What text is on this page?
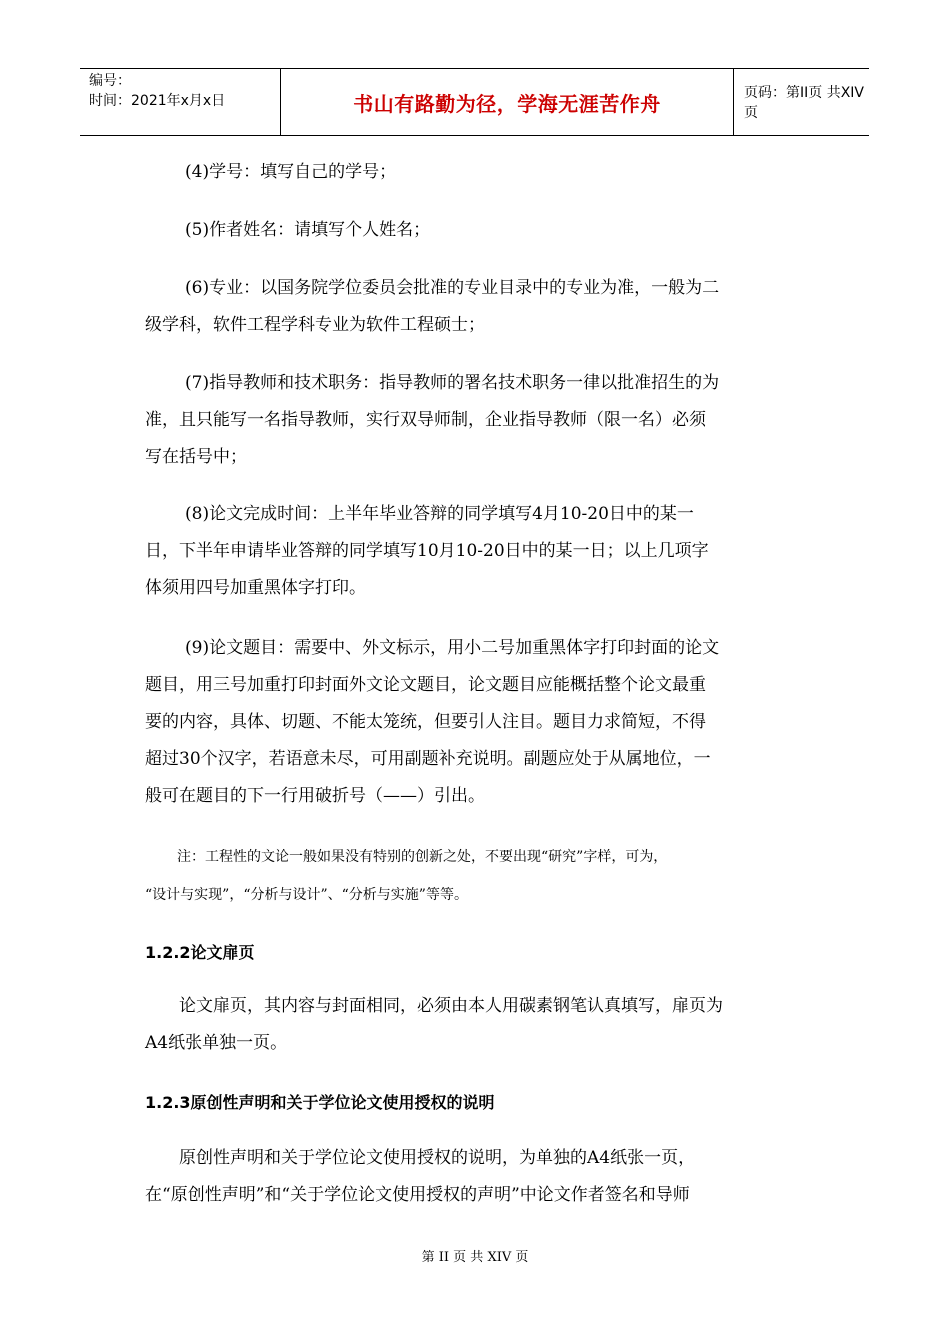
编号：
时间：2021年x月x日	书山有路勤为径，学海无涯苦作舟	页码：第II页 共XIV页

(4)学号：填写自己的学号；

(5)作者姓名：请填写个人姓名；

(6)专业：以国务院学位委员会批准的专业目录中的专业为准，一般为二

级学科，软件工程学科专业为软件工程硕士；

(7)指导教师和技术职务：指导教师的署名技术职务一律以批准招生的为

准，且只能写一名指导教师，实行双导师制，企业指导教师（限一名）必须

写在括号中；

(8)论文完成时间：上半年毕业答辩的同学填写4月10-20日中的某一

日，下半年申请毕业答辩的同学填写10月10-20日中的某一日；以上几项字

体须用四号加重黑体字打印。

(9)论文题目：需要中、外文标示，用小二号加重黑体字打印封面的论文

题目，用三号加重打印封面外文论文题目，论文题目应能概括整个论文最重

要的内容，具体、切题、不能太笼统，但要引人注目。题目力求简短，不得

超过30个汉字，若语意未尽，可用副题补充说明。副题应处于从属地位，一

般可在题目的下一行用破折号（——）引出。

注：工程性的文论一般如果没有特别的创新之处，不要出现“研究”字样，可为，

“设计与实现”，“分析与设计”、“分析与实施”等等。

1.2.2论文扉页

论文扉页，其内容与封面相同，必须由本人用碳素钢笔认真填写，扉页为

A4纸张单独一页。

1.2.3原创性声明和关于学位论文使用授权的说明

原创性声明和关于学位论文使用授权的说明，为单独的A4纸张一页，

在“原创性声明”和“关于学位论文使用授权的声明”中论文作者签名和导师

第 II 页 共 XIV 页
